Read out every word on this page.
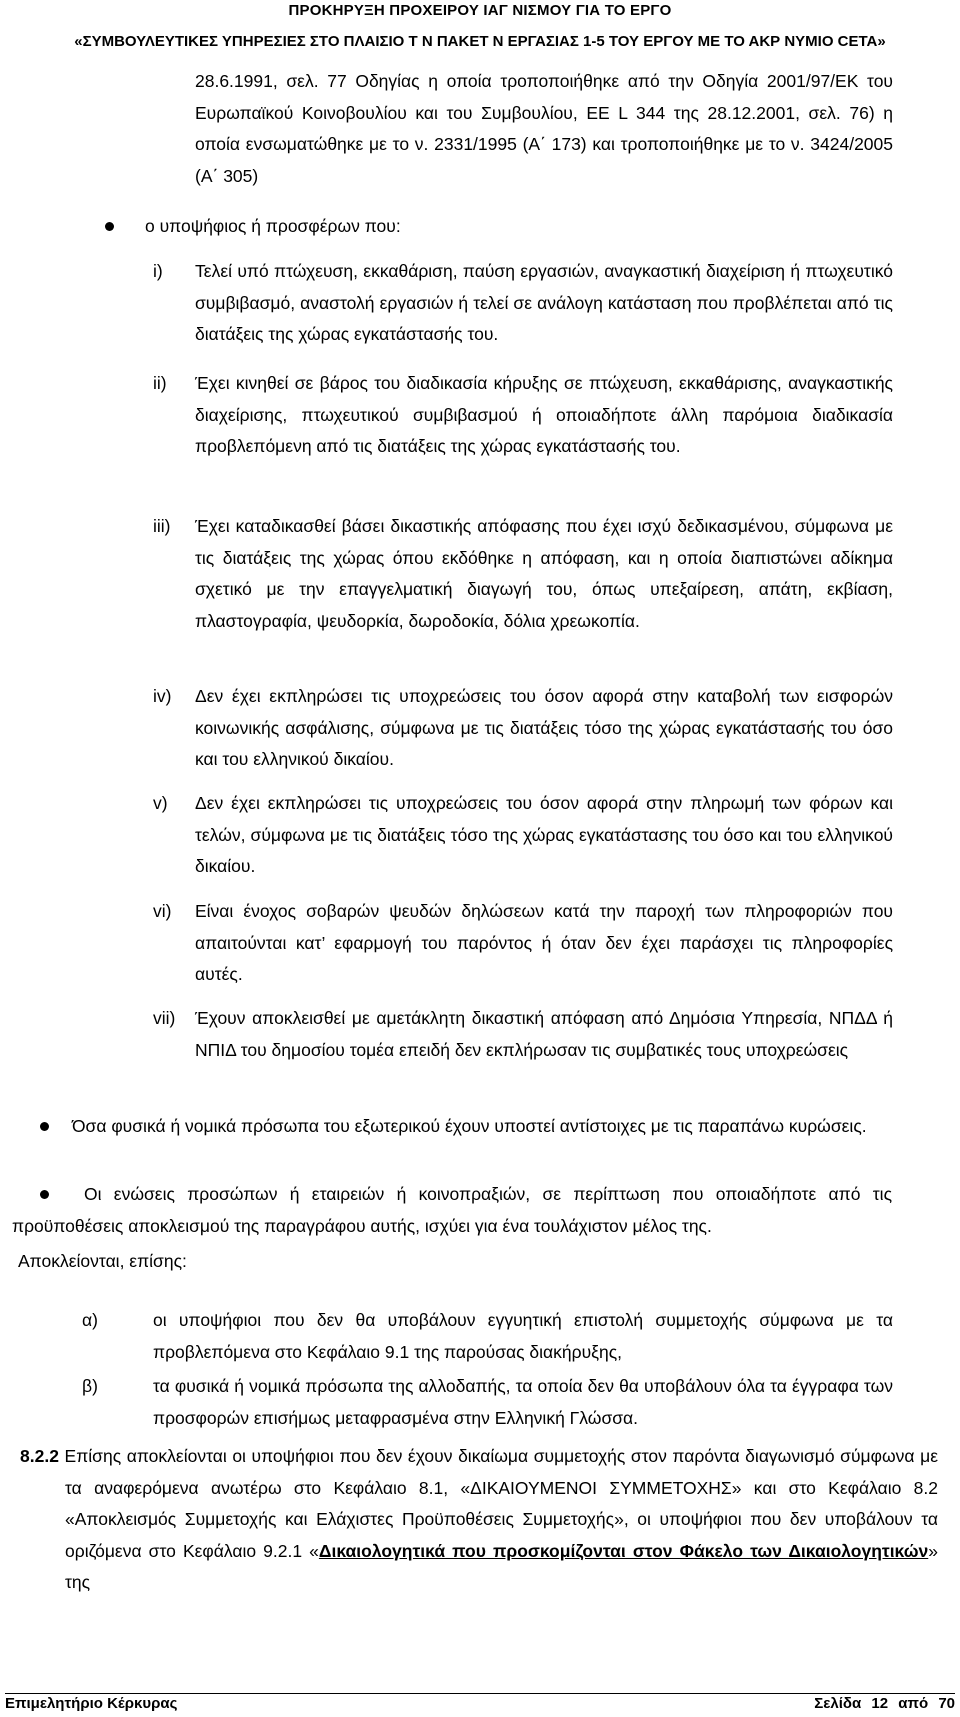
ΠΡΟΚΗΡΥΞΗ ΠΡΟΧΕΙΡΟΥ ΙΑΓ ΝΙΣΜΟΥ ΓΙΑ ΤΟ ΕΡΓΟ
«ΣΥΜΒΟΥΛΕΥΤΙΚΕΣ ΥΠΗΡΕΣΙΕΣ ΣΤΟ ΠΛΑΙΣΙΟ Τ Ν ΠΑΚΕΤ Ν ΕΡΓΑΣΙΑΣ 1-5 ΤΟΥ ΕΡΓΟΥ ΜΕ ΤΟ ΑΚΡ ΝΥΜΙΟ CETA»
28.6.1991, σελ. 77 Οδηγίας η οποία τροποποιήθηκε από την Οδηγία 2001/97/ΕΚ του Ευρωπαϊκού Κοινοβουλίου και του Συμβουλίου, ΕΕ L 344 της 28.12.2001, σελ. 76) η οποία ενσωματώθηκε με το ν. 2331/1995 (Α΄ 173) και τροποποιήθηκε με το ν. 3424/2005 (Α΄ 305)
ο υποψήφιος ή προσφέρων που:
i) Τελεί υπό πτώχευση, εκκαθάριση, παύση εργασιών, αναγκαστική διαχείριση ή πτωχευτικό συμβιβασμό, αναστολή εργασιών ή τελεί σε ανάλογη κατάσταση που προβλέπεται από τις διατάξεις της χώρας εγκατάστασής του.
ii) Έχει κινηθεί σε βάρος του διαδικασία κήρυξης σε πτώχευση, εκκαθάρισης, αναγκαστικής διαχείρισης, πτωχευτικού συμβιβασμού ή οποιαδήποτε άλλη παρόμοια διαδικασία προβλεπόμενη από τις διατάξεις της χώρας εγκατάστασής του.
iii) Έχει καταδικασθεί βάσει δικαστικής απόφασης που έχει ισχύ δεδικασμένου, σύμφωνα με τις διατάξεις της χώρας όπου εκδόθηκε η απόφαση, και η οποία διαπιστώνει αδίκημα σχετικό με την επαγγελματική διαγωγή του, όπως υπεξαίρεση, απάτη, εκβίαση, πλαστογραφία, ψευδορκία, δωροδοκία, δόλια χρεωκοπία.
iv) Δεν έχει εκπληρώσει τις υποχρεώσεις του όσον αφορά στην καταβολή των εισφορών κοινωνικής ασφάλισης, σύμφωνα με τις διατάξεις τόσο της χώρας εγκατάστασής του όσο και του ελληνικού δικαίου.
v) Δεν έχει εκπληρώσει τις υποχρεώσεις του όσον αφορά στην πληρωμή των φόρων και τελών, σύμφωνα με τις διατάξεις τόσο της χώρας εγκατάστασης του όσο και του ελληνικού δικαίου.
vi) Είναι ένοχος σοβαρών ψευδών δηλώσεων κατά την παροχή των πληροφοριών που απαιτούνται κατ’ εφαρμογή του παρόντος ή όταν δεν έχει παράσχει τις πληροφορίες αυτές.
vii) Έχουν αποκλεισθεί με αμετάκλητη δικαστική απόφαση από Δημόσια Υπηρεσία, ΝΠΔΔ ή ΝΠΙΔ του δημοσίου τομέα επειδή δεν εκπλήρωσαν τις συμβατικές τους υποχρεώσεις
Όσα φυσικά ή νομικά πρόσωπα του εξωτερικού έχουν υποστεί αντίστοιχες με τις παραπάνω κυρώσεις.
Οι ενώσεις προσώπων ή εταιρειών ή κοινοπραξιών, σε περίπτωση που οποιαδήποτε από τις προϋποθέσεις αποκλεισμού της παραγράφου αυτής, ισχύει για ένα τουλάχιστον μέλος της.
Αποκλείονται, επίσης:
α)	οι υποψήφιοι που δεν θα υποβάλουν εγγυητική επιστολή συμμετοχής σύμφωνα με τα προβλεπόμενα στο Κεφάλαιο 9.1 της παρούσας διακήρυξης,
β)	τα φυσικά ή νομικά πρόσωπα της αλλοδαπής, τα οποία δεν θα υποβάλουν όλα τα έγγραφα των προσφορών επισήμως μεταφρασμένα στην Ελληνική Γλώσσα.
8.2.2 Επίσης αποκλείονται οι υποψήφιοι που δεν έχουν δικαίωμα συμμετοχής στον παρόντα διαγωνισμό σύμφωνα με τα αναφερόμενα ανωτέρω στο Κεφάλαιο 8.1, «ΔΙΚΑΙΟΥΜΕΝΟΙ ΣΥΜΜΕΤΟΧΗΣ» και στο Κεφάλαιο 8.2 «Αποκλεισμός Συμμετοχής και Ελάχιστες Προϋποθέσεις Συμμετοχής», οι υποψήφιοι που δεν υποβάλουν τα οριζόμενα στο Κεφάλαιο 9.2.1 «Δικαιολογητικά που προσκομίζονται στον Φάκελο των Δικαιολογητικών» της
Επιμελητήριο Κέρκυρας	Σελίδα 12 από 70
